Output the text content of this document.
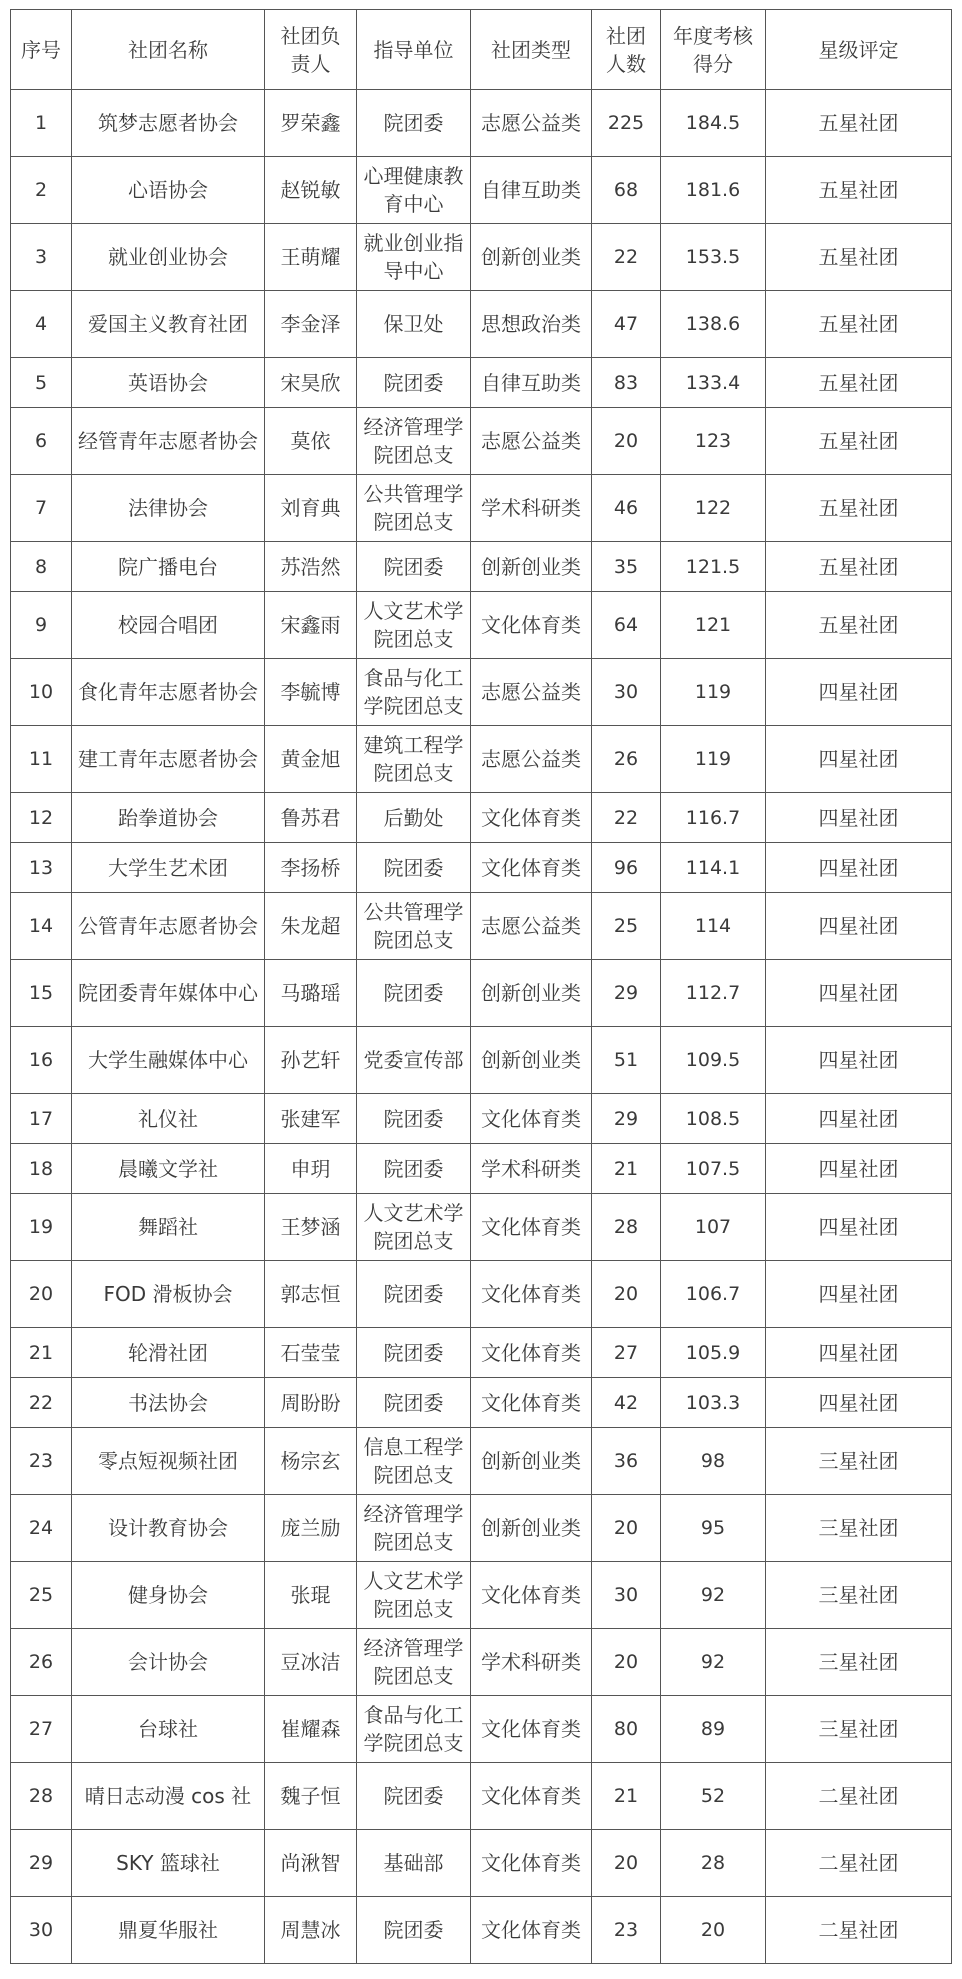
序号	社团名称	社团负责人	指导单位	社团类型	社团人数	年度考核得分	星级评定
1	筑梦志愿者协会	罗荣鑫	院团委	志愿公益类	225	184.5	五星社团
2	心语协会	赵锐敏	心理健康教育中心	自律互助类	68	181.6	五星社团
3	就业创业协会	王萌耀	就业创业指导中心	创新创业类	22	153.5	五星社团
4	爱国主义教育社团	李金泽	保卫处	思想政治类	47	138.6	五星社团
5	英语协会	宋昊欣	院团委	自律互助类	83	133.4	五星社团
6	经管青年志愿者协会	莫依	经济管理学院团总支	志愿公益类	20	123	五星社团
7	法律协会	刘育典	公共管理学院团总支	学术科研类	46	122	五星社团
8	院广播电台	苏浩然	院团委	创新创业类	35	121.5	五星社团
9	校园合唱团	宋鑫雨	人文艺术学院团总支	文化体育类	64	121	五星社团
10	食化青年志愿者协会	李毓博	食品与化工学院团总支	志愿公益类	30	119	四星社团
11	建工青年志愿者协会	黄金旭	建筑工程学院团总支	志愿公益类	26	119	四星社团
12	跆拳道协会	鲁苏君	后勤处	文化体育类	22	116.7	四星社团
13	大学生艺术团	李扬桥	院团委	文化体育类	96	114.1	四星社团
14	公管青年志愿者协会	朱龙超	公共管理学院团总支	志愿公益类	25	114	四星社团
15	院团委青年媒体中心	马璐瑶	院团委	创新创业类	29	112.7	四星社团
16	大学生融媒体中心	孙艺轩	党委宣传部	创新创业类	51	109.5	四星社团
17	礼仪社	张建军	院团委	文化体育类	29	108.5	四星社团
18	晨曦文学社	申玥	院团委	学术科研类	21	107.5	四星社团
19	舞蹈社	王梦涵	人文艺术学院团总支	文化体育类	28	107	四星社团
20	FOD 滑板协会	郭志恒	院团委	文化体育类	20	106.7	四星社团
21	轮滑社团	石莹莹	院团委	文化体育类	27	105.9	四星社团
22	书法协会	周盼盼	院团委	文化体育类	42	103.3	四星社团
23	零点短视频社团	杨宗玄	信息工程学院团总支	创新创业类	36	98	三星社团
24	设计教育协会	庞兰励	经济管理学院团总支	创新创业类	20	95	三星社团
25	健身协会	张琨	人文艺术学院团总支	文化体育类	30	92	三星社团
26	会计协会	豆冰洁	经济管理学院团总支	学术科研类	20	92	三星社团
27	台球社	崔耀森	食品与化工学院团总支	文化体育类	80	89	三星社团
28	晴日志动漫 cos 社	魏子恒	院团委	文化体育类	21	52	二星社团
29	SKY 篮球社	尚湫智	基础部	文化体育类	20	28	二星社团
30	鼎夏华服社	周慧冰	院团委	文化体育类	23	20	二星社团
